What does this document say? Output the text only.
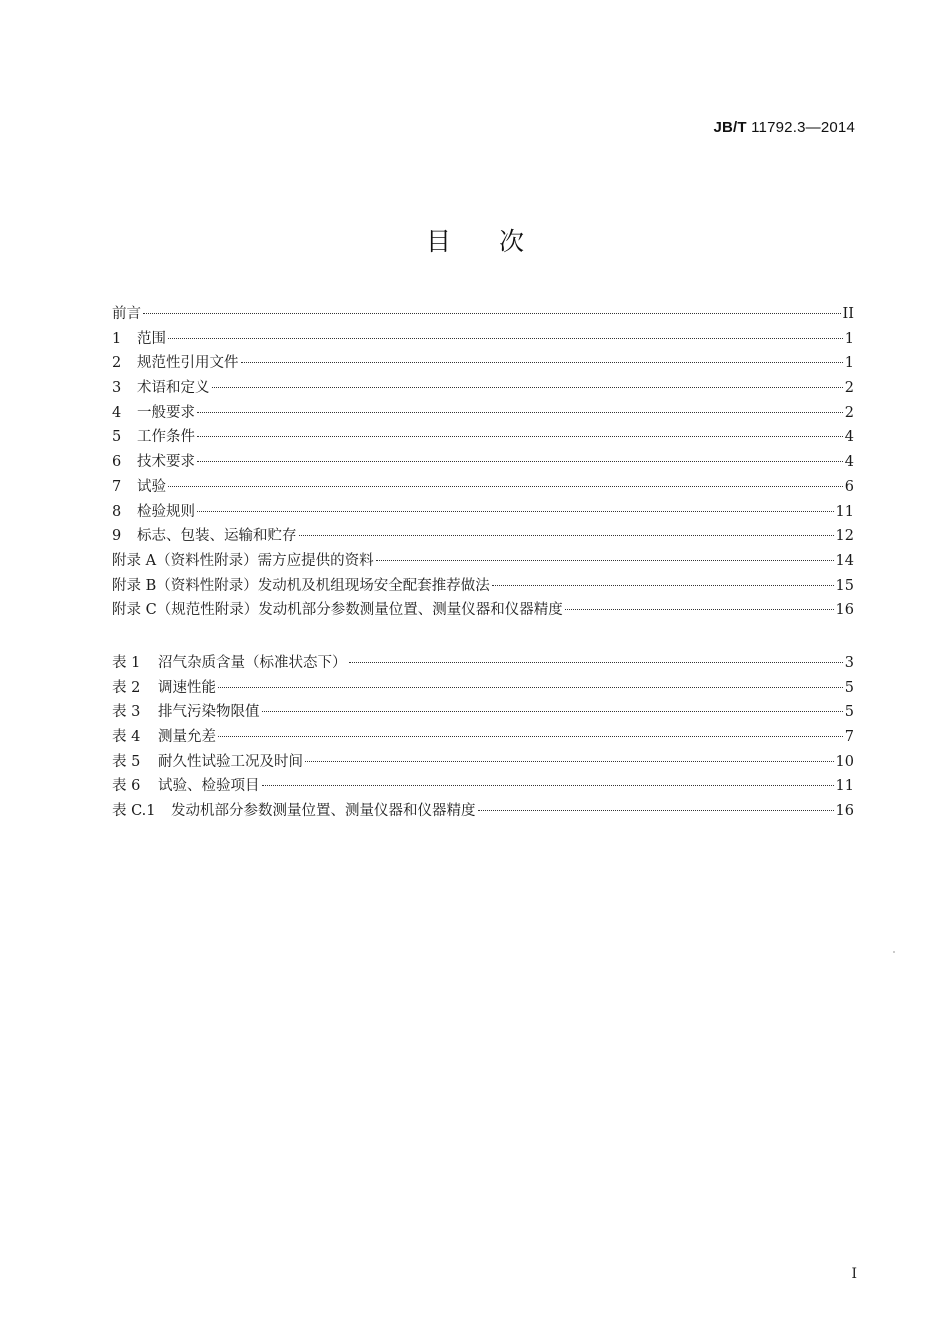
JB/T 11792.3—2014
目次
前言	II
1 范围	1
2 规范性引用文件	1
3 术语和定义	2
4 一般要求	2
5 工作条件	4
6 技术要求	4
7 试验	6
8 检验规则	11
9 标志、包装、运输和贮存	12
附录 A（资料性附录）需方应提供的资料	14
附录 B（资料性附录）发动机及机组现场安全配套推荐做法	15
附录 C（规范性附录）发动机部分参数测量位置、测量仪器和仪器精度	16
表 1 沼气杂质含量（标准状态下）	3
表 2 调速性能	5
表 3 排气污染物限值	5
表 4 测量允差	7
表 5 耐久性试验工况及时间	10
表 6 试验、检验项目	11
表 C.1 发动机部分参数测量位置、测量仪器和仪器精度	16
I
